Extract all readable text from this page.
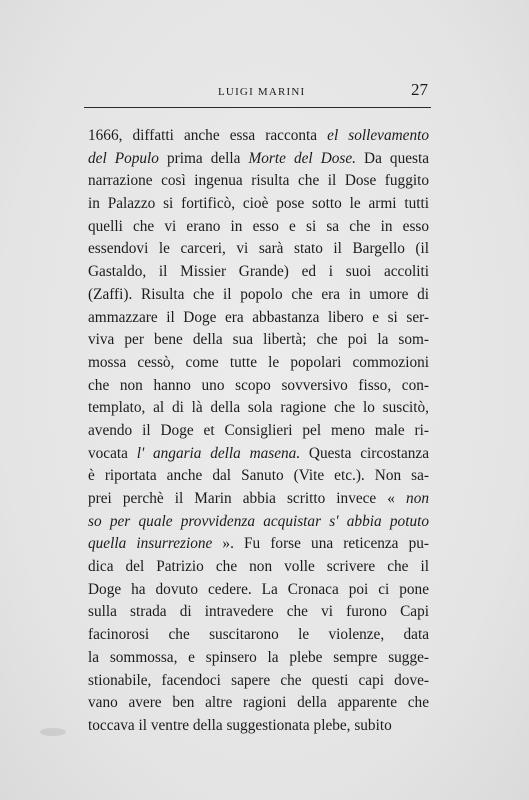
LUIGI MARINI	27
1666, diffatti anche essa racconta el sollevamento
del Populo prima della Morte del Dose. Da questa
narrazione così ingenua risulta che il Dose fuggito
in Palazzo si fortificò, cioè pose sotto le armi tutti
quelli che vi erano in esso e si sa che in esso
essendovi le carceri, vi sarà stato il Bargello (il
Gastaldo, il Missier Grande) ed i suoi accoliti
(Zaffi). Risulta che il popolo che era in umore di
ammazzare il Doge era abbastanza libero e si ser-
viva per bene della sua libertà; che poi la som-
mossa cessò, come tutte le popolari commozioni
che non hanno uno scopo sovversivo fisso, con-
templato, al di là della sola ragione che lo suscitò,
avendo il Doge et Consiglieri pel meno male ri-
vocata l' angaria della masena. Questa circostanza
è riportata anche dal Sanuto (Vite etc.). Non sa-
prei perchè il Marin abbia scritto invece « non
so per quale provvidenza acquistar s' abbia potuto
quella insurrezione ». Fu forse una reticenza pu-
dica del Patrizio che non volle scrivere che il
Doge ha dovuto cedere. La Cronaca poi ci pone
sulla strada di intravedere che vi furono Capi
facinorosi che suscitarono le violenze, data
la sommossa, e spinsero la plebe sempre sugge-
stionabile, facendoci sapere che questi capi dove-
vano avere ben altre ragioni della apparente che
toccava il ventre della suggestionata plebe, subito
